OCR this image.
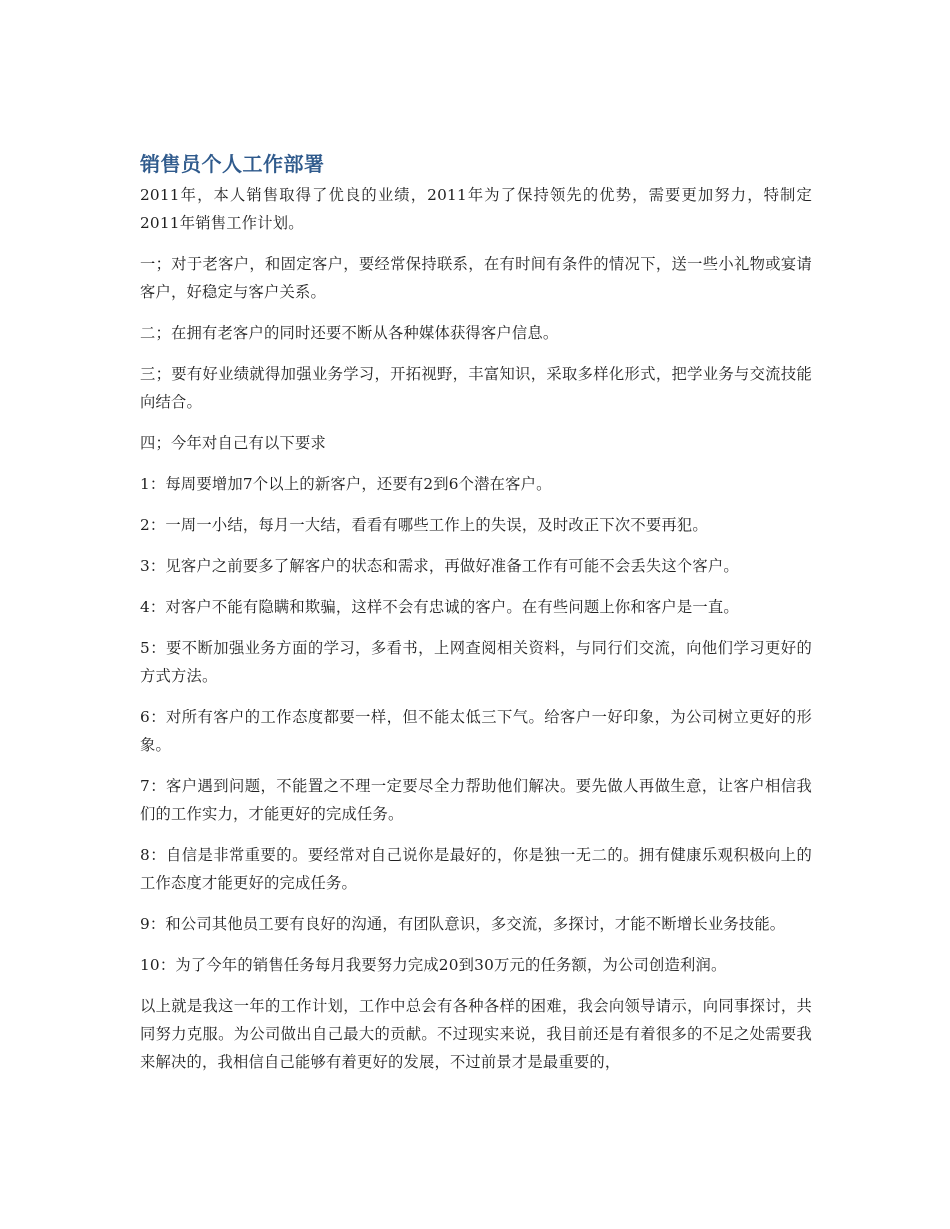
销售员个人工作部署

2011年，本人销售取得了优良的业绩，2011年为了保持领先的优势，需要更加努力，特制定2011年销售工作计划。

一；对于老客户，和固定客户，要经常保持联系，在有时间有条件的情况下，送一些小礼物或宴请客户，好稳定与客户关系。

二；在拥有老客户的同时还要不断从各种媒体获得客户信息。

三；要有好业绩就得加强业务学习，开拓视野，丰富知识，采取多样化形式，把学业务与交流技能向结合。

四；今年对自己有以下要求

1：每周要增加7个以上的新客户，还要有2到6个潜在客户。

2：一周一小结，每月一大结，看看有哪些工作上的失误，及时改正下次不要再犯。

3：见客户之前要多了解客户的状态和需求，再做好准备工作有可能不会丢失这个客户。

4：对客户不能有隐瞒和欺骗，这样不会有忠诚的客户。在有些问题上你和客户是一直。

5：要不断加强业务方面的学习，多看书，上网查阅相关资料，与同行们交流，向他们学习更好的方式方法。

6：对所有客户的工作态度都要一样，但不能太低三下气。给客户一好印象，为公司树立更好的形象。

7：客户遇到问题，不能置之不理一定要尽全力帮助他们解决。要先做人再做生意，让客户相信我们的工作实力，才能更好的完成任务。

8：自信是非常重要的。要经常对自己说你是最好的，你是独一无二的。拥有健康乐观积极向上的工作态度才能更好的完成任务。

9：和公司其他员工要有良好的沟通，有团队意识，多交流，多探讨，才能不断增长业务技能。

10：为了今年的销售任务每月我要努力完成20到30万元的任务额，为公司创造利润。

以上就是我这一年的工作计划，工作中总会有各种各样的困难，我会向领导请示，向同事探讨，共同努力克服。为公司做出自己最大的贡献。不过现实来说，我目前还是有着很多的不足之处需要我来解决的，我相信自己能够有着更好的发展，不过前景才是最重要的，
